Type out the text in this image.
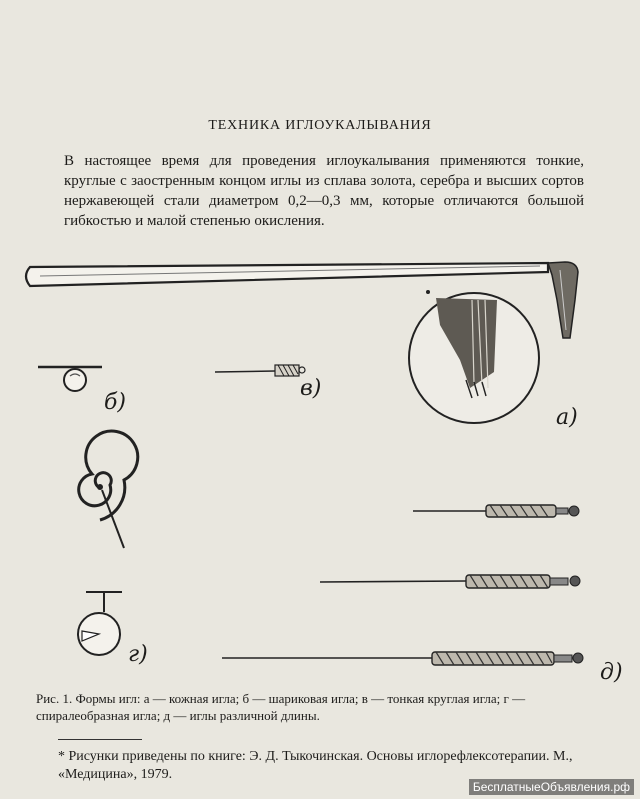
ТЕХНИКА ИГЛОУКАЛЫВАНИЯ
В настоящее время для проведения иглоукалывания применяются тонкие, круглые с заостренным концом иглы из сплава золота, серебра и высших сортов нержавеющей стали диаметром 0,2—0,3 мм, которые отличаются большой гибкостью и малой степенью окисления.
а)
б)
в)
г)
д)
Рис. 1. Формы игл: а — кожная игла; б — шариковая игла; в — тонкая круглая игла; г — спиралеобразная игла; д — иглы различной длины.
* Рисунки приведены по книге: Э. Д. Тыкочинская. Основы иглорефлексотерапии. М., «Медицина», 1979.
БесплатныеОбъявления.рф
